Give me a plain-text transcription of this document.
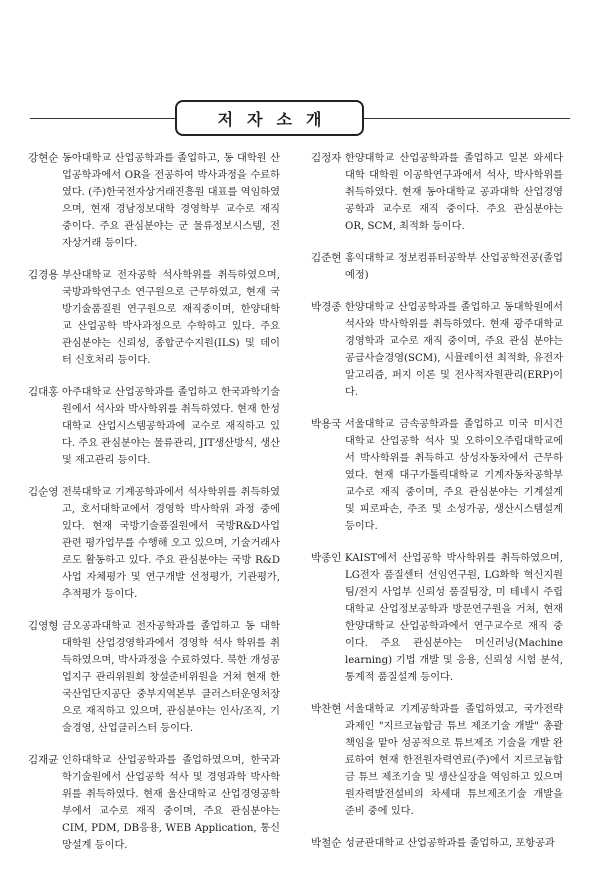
저자소개
강현순 동아대학교 산업공학과를 졸업하고, 동 대학원 산업공학과에서 OR을 전공하여 박사과정을 수료하였다. (주)한국전자상거래진흥원 대표를 역임하였으며, 현재 경남정보대학 경영학부 교수로 재직 중이다. 주요 관심분야는 군 물류정보시스템, 전자상거래 등이다.
김경용 부산대학교 전자공학 석사학위를 취득하였으며, 국방과학연구소 연구원으로 근무하였고, 현재 국방기술품질원 연구원으로 재직중이며, 한양대학교 산업공학 박사과정으로 수학하고 있다. 주요 관심분야는 신뢰성, 종합군수지원(ILS) 및 데이터 신호처리 등이다.
김대홍 아주대학교 산업공학과를 졸업하고 한국과학기술원에서 석사와 박사학위를 취득하였다. 현재 한성대학교 산업시스템공학과에 교수로 재직하고 있다. 주요 관심분야는 물류관리, JIT생산방식, 생산 및 재고관리 등이다.
김순영 전북대학교 기계공학과에서 석사학위를 취득하였고, 호서대학교에서 경영학 박사학위 과정 중에 있다. 현재 국방기술품질원에서 국방R&D사업 관련 평가업무를 수행해 오고 있으며, 기술거래사로도 활동하고 있다. 주요 관심분야는 국방 R&D사업 자체평가 및 연구개발 선정평가, 기관평가, 추적평가 등이다.
김영형 금오공과대학교 전자공학과를 졸업하고 동 대학대학원 산업경영학과에서 경영학 석사 학위를 취득하였으며, 박사과정을 수료하였다. 북한 개성공업지구 관리위원회 창설준비위원을 거쳐 현재 한국산업단지공단 중부지역본부 클러스터운영처장으로 재직하고 있으며, 관심분야는 인사/조직, 기술경영, 산업클러스터 등이다.
김재균 인하대학교 산업공학과를 졸업하였으며, 한국과학기술원에서 산업공학 석사 및 경영과학 박사학위를 취득하였다. 현재 울산대학교 산업경영공학부에서 교수로 재직 중이며, 주요 관심분야는 CIM, PDM, DB응용, WEB Application, 통신망설계 등이다.
김정자 한양대학교 산업공학과를 졸업하고 일본 와세다 대학 대학원 이공학연구과에서 석사, 박사학위를 취득하였다. 현재 동아대학교 공과대학 산업경영공학과 교수로 재직 중이다. 주요 관심분야는 OR, SCM, 최적화 등이다.
김준현 홍익대학교 정보컴퓨터공학부 산업공학전공(졸업예정)
박경종 한양대학교 산업공학과를 졸업하고 동대학원에서 석사와 박사학위를 취득하였다. 현재 광주대학교 경영학과 교수로 재직 중이며, 주요 관심 분야는 공급사슬경영(SCM), 시뮬레이션 최적화, 유전자알고리즘, 퍼지 이론 및 전사적자원관리(ERP)이다.
박용국 서울대학교 금속공학과를 졸업하고 미국 미시건 대학교 산업공학 석사 및 오하이오주립대학교에서 박사학위를 취득하고 삼성자동차에서 근무하였다. 현재 대구가톨릭대학교 기계자동차공학부 교수로 재직 중이며, 주요 관심분야는 기계설계 및 피로파손, 주조 및 소성가공, 생산시스템설계 등이다.
박종인 KAIST에서 산업공학 박사학위를 취득하였으며, LG전자 품질센터 선임연구원, LG화학 혁신지원팀/전지 사업부 신뢰성 품질팀장, 미 테네시 주립대학교 산업정보공학과 방문연구원을 거쳐, 현재 한양대학교 산업공학과에서 연구교수로 재직 중이다. 주요 관심분야는 머신러닝(Machine learning) 기법 개발 및 응용, 신뢰성 시험 분석, 통계적 품질설계 등이다.
박찬현 서울대학교 기계공학과를 졸업하였고, 국가전략과제인 "지르코늄합금 튜브 제조기술 개발" 총괄책임을 맡아 성공적으로 튜브제조 기술을 개발 완료하여 현재 한전원자력연료(주)에서 지르코늄합금 튜브 제조기술 및 생산실장을 역임하고 있으며 원자력발전설비의 차세대 튜브제조기술 개발을 준비 중에 있다.
박철순 성균관대학교 산업공학과를 졸업하고, 포항공과
